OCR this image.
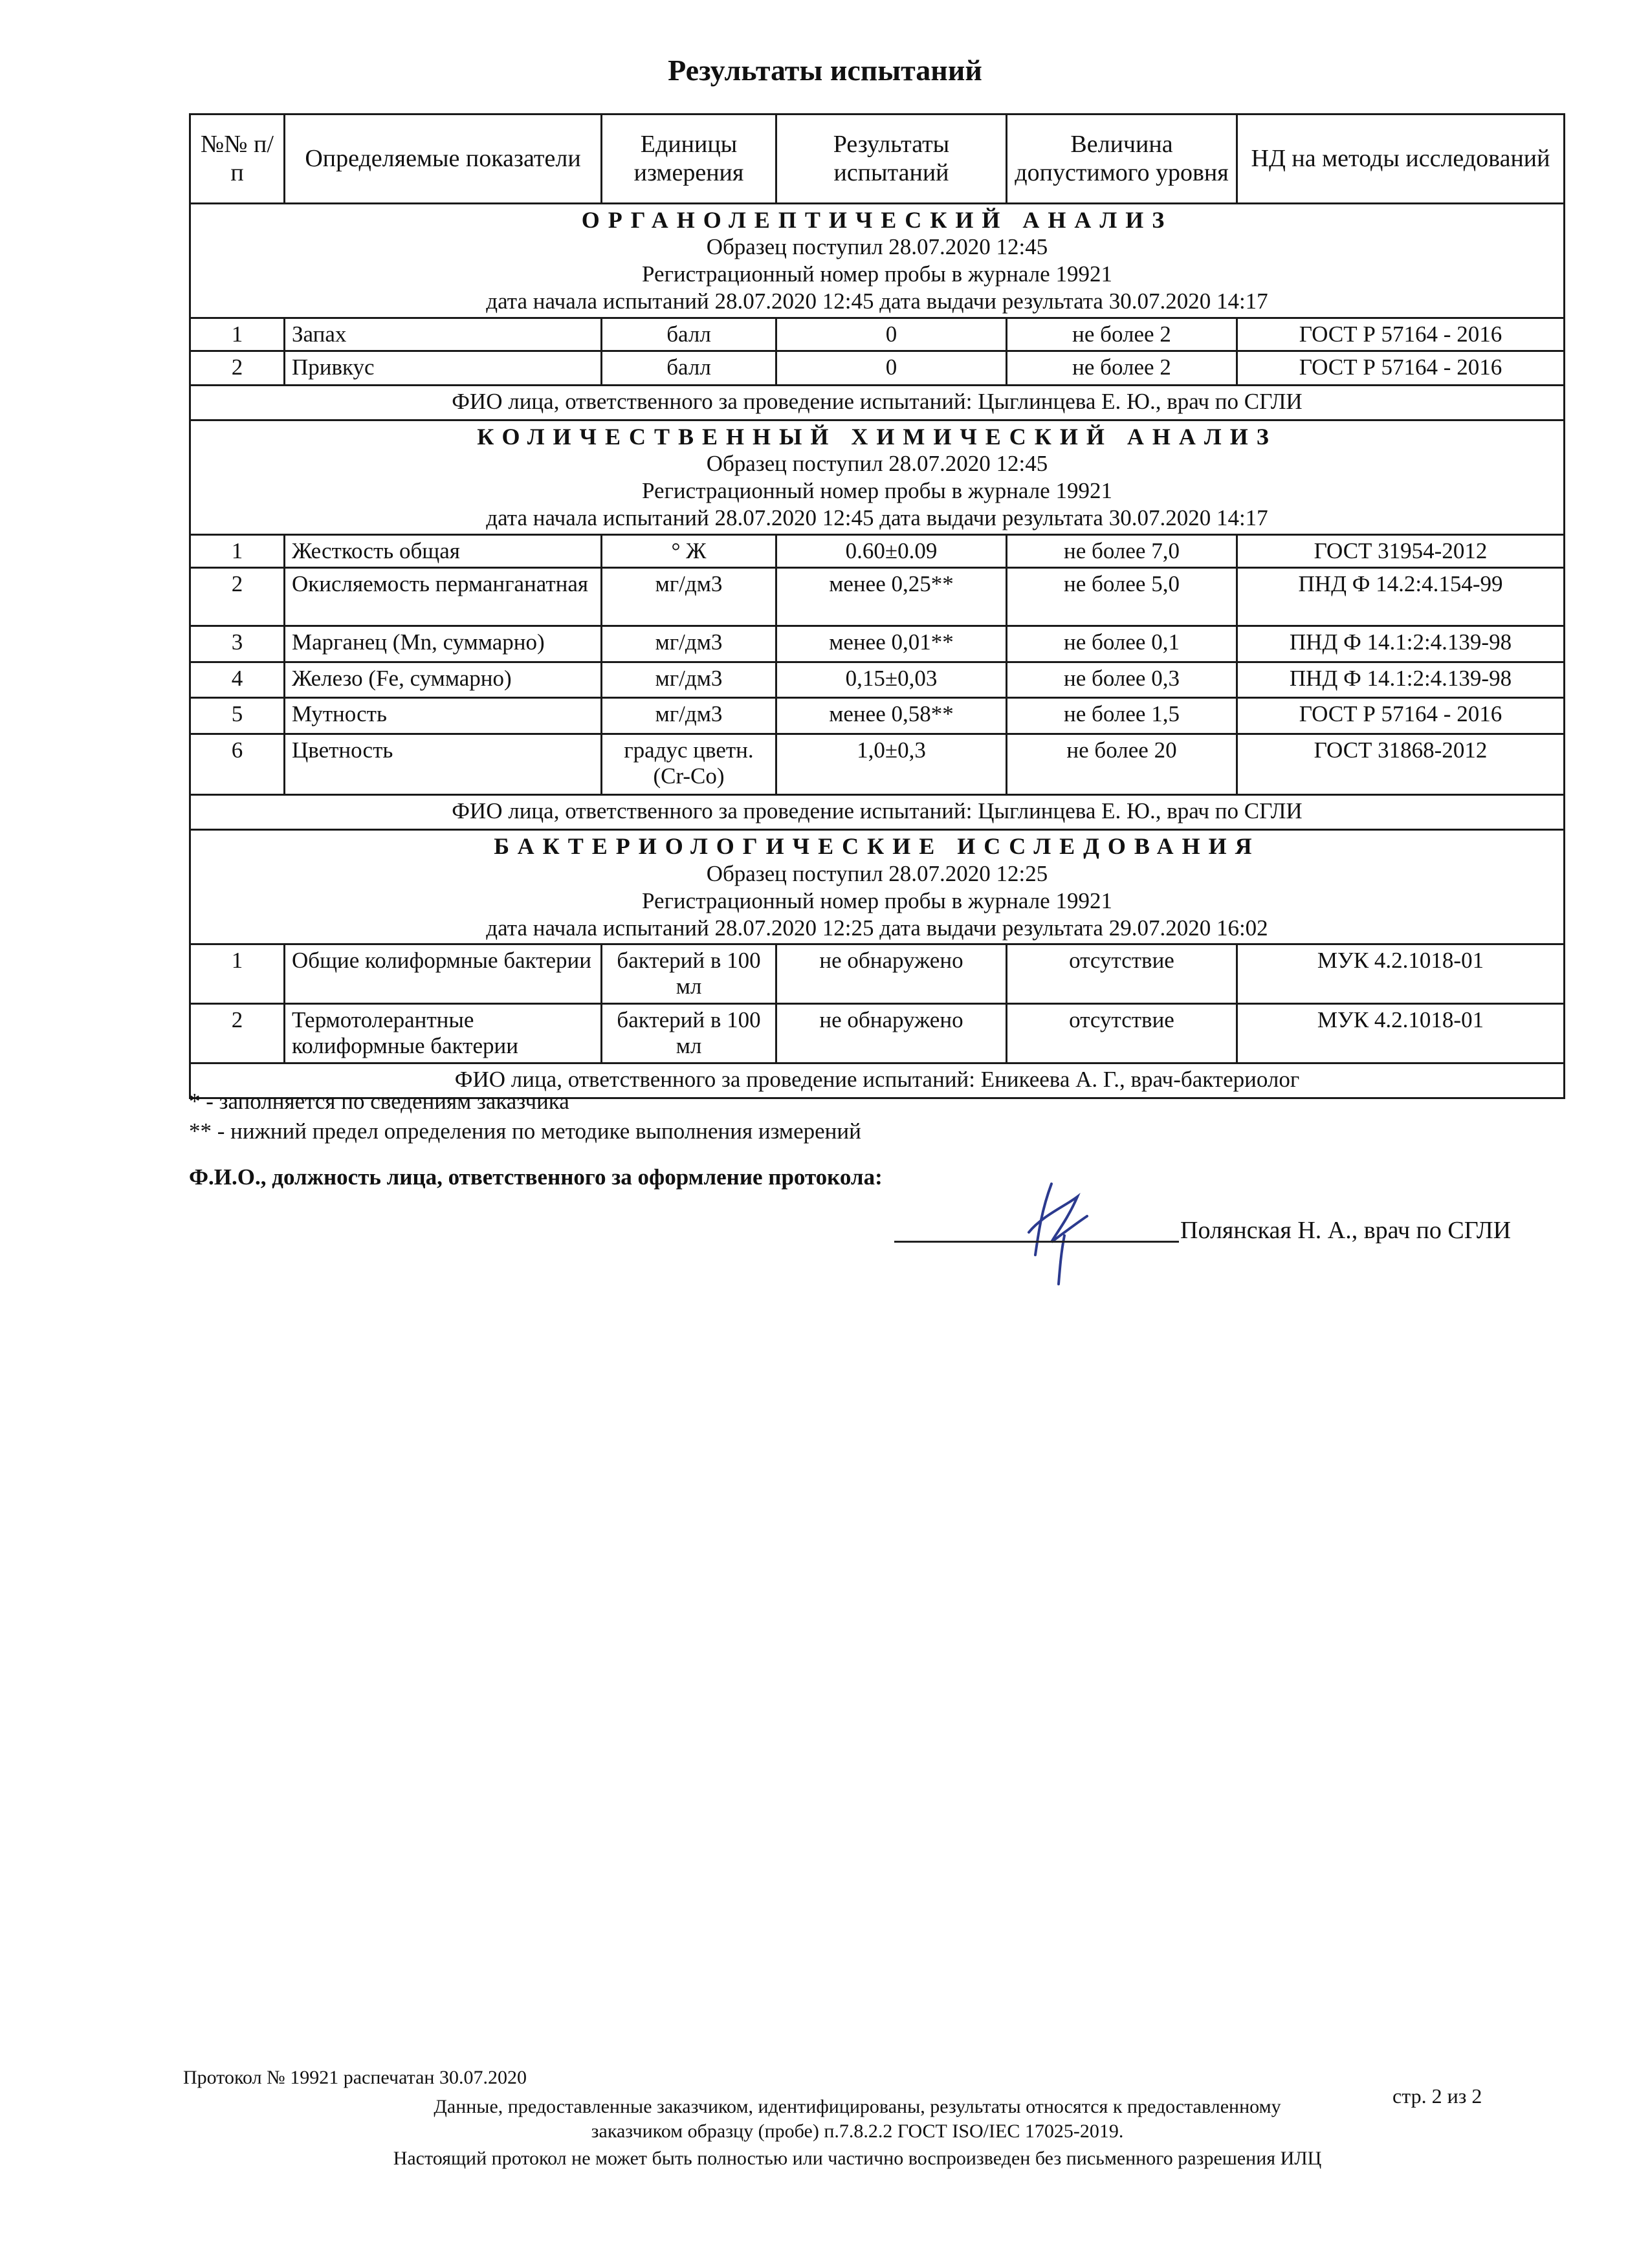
Результаты испытаний
№№ п/п	Определяемые показатели	Единицы измерения	Результаты испытаний	Величина допустимого уровня	НД на методы исследований

ОРГАНОЛЕПТИЧЕСКИЙ АНАЛИЗ
Образец поступил 28.07.2020 12:45
Регистрационный номер пробы в журнале 19921
дата начала испытаний 28.07.2020 12:45 дата выдачи результата 30.07.2020 14:17					

1	Запах	балл	0	не более 2	ГОСТ Р 57164 - 2016
2	Привкус	балл	0	не более 2	ГОСТ Р 57164 - 2016
ФИО лица, ответственного за проведение испытаний: Цыглинцева Е. Ю., врач по СГЛИ					

КОЛИЧЕСТВЕННЫЙ ХИМИЧЕСКИЙ АНАЛИЗ
Образец поступил 28.07.2020 12:45
Регистрационный номер пробы в журнале 19921
дата начала испытаний 28.07.2020 12:45 дата выдачи результата 30.07.2020 14:17					

1	Жесткость общая	° Ж	0.60±0.09	не более 7,0	ГОСТ 31954-2012
2	Окисляемость перманганатная	мг/дм3	менее 0,25**	не более 5,0	ПНД Ф 14.2:4.154-99
3	Марганец (Mn, суммарно)	мг/дм3	менее 0,01**	не более 0,1	ПНД Ф 14.1:2:4.139-98
4	Железо (Fe, суммарно)	мг/дм3	0,15±0,03	не более 0,3	ПНД Ф 14.1:2:4.139-98
5	Мутность	мг/дм3	менее 0,58**	не более 1,5	ГОСТ Р 57164 - 2016
6	Цветность	градус цветн.(Cr-Co)	1,0±0,3	не более 20	ГОСТ 31868-2012
ФИО лица, ответственного за проведение испытаний: Цыглинцева Е. Ю., врач по СГЛИ					

БАКТЕРИОЛОГИЧЕСКИЕ ИССЛЕДОВАНИЯ
Образец поступил 28.07.2020 12:25
Регистрационный номер пробы в журнале 19921
дата начала испытаний 28.07.2020 12:25 дата выдачи результата 29.07.2020 16:02					

1	Общие колиформные бактерии	бактерий в 100 мл	не обнаружено	отсутствие	МУК 4.2.1018-01
2	Термотолерантные колиформные бактерии	бактерий в 100 мл	не обнаружено	отсутствие	МУК 4.2.1018-01
ФИО лица, ответственного за проведение испытаний: Еникеева А. Г., врач-бактериолог					
* - заполняется по сведениям заказчика
** - нижний предел определения по методике выполнения измерений
Ф.И.О., должность лица, ответственного за оформление протокола:
Полянская Н. А., врач по СГЛИ
Протокол № 19921 распечатан 30.07.2020
стр. 2 из 2
Данные, предоставленные заказчиком, идентифицированы, результаты относятся к предоставленному
заказчиком образцу (пробе) п.7.8.2.2 ГОСТ ISO/IEC 17025-2019.
Настоящий протокол не может быть полностью или частично воспроизведен без письменного разрешения ИЛЦ
